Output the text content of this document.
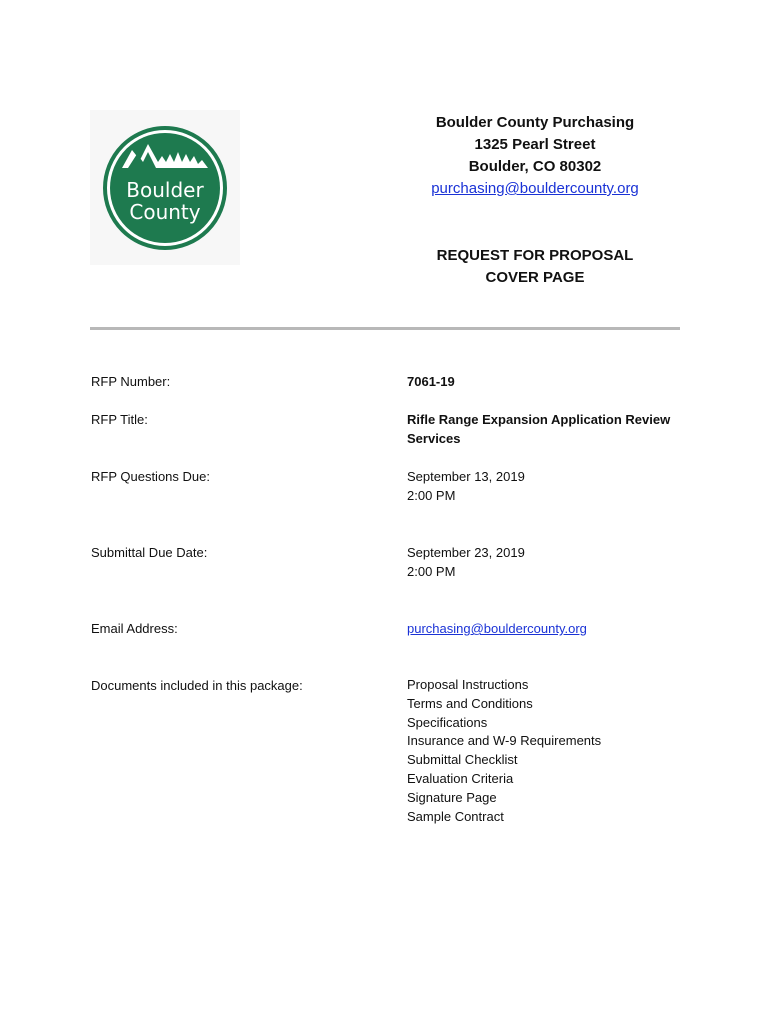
Boulder
County
Boulder County Purchasing
1325 Pearl Street
Boulder, CO 80302
purchasing@bouldercounty.org
REQUEST FOR PROPOSAL
COVER PAGE
RFP Number:	7061-19
RFP Title:	Rifle Range Expansion Application Review Services
RFP Questions Due:	September 13, 2019
2:00 PM
Submittal Due Date:	September 23, 2019
2:00 PM
Email Address:	purchasing@bouldercounty.org
Documents included in this package:	Proposal Instructions
Terms and Conditions
Specifications
Insurance and W-9 Requirements
Submittal Checklist
Evaluation Criteria
Signature Page
Sample Contract
